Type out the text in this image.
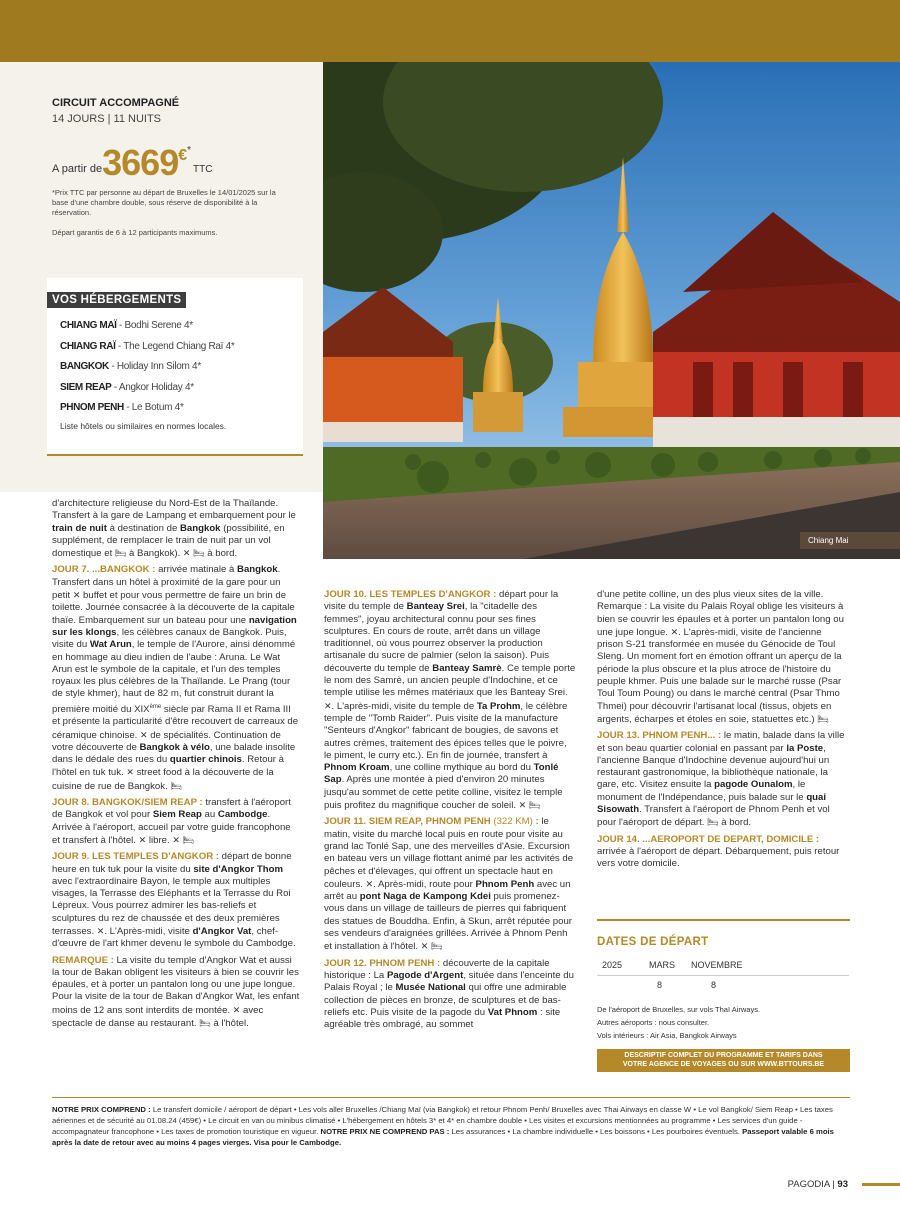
CIRCUIT ACCOMPAGNÉ
14 JOURS | 11 NUITS
A partir de 3669 € *
TTC
*Prix TTC par personne au départ de Bruxelles le 14/01/2025 sur la base d'une chambre double, sous réserve de disponibilité à la réservation.
Départ garantis de 6 à 12 participants maximums.
VOS HÉBERGEMENTS
CHIANG MAÏ - Bodhi Serene 4*
CHIANG RAÏ - The Legend Chiang Raï 4*
BANGKOK - Holiday Inn Silom 4*
SIEM REAP - Angkor Holiday 4*
PHNOM PENH - Le Botum 4*
Liste hôtels ou similaires en normes locales.
Chiang Mai

d'architecture religieuse du Nord-Est de la Thaïlande. Transfert à la gare de Lampang et embarquement pour le train de nuit à destination de Bangkok (possibilité, en supplément, de remplacer le train de nuit par un vol domestique et 🛏 à Bangkok). ✕ 🛏 à bord.

JOUR 7. ...BANGKOK : arrivée matinale à Bangkok. Transfert dans un hôtel à proximité de la gare pour un petit ✕ buffet et pour vous permettre de faire un brin de toilette. Journée consacrée à la découverte de la capitale thaïe. Embarquement sur un bateau pour une navigation sur les klongs, les célèbres canaux de Bangkok. Puis, visite du Wat Arun, le temple de l'Aurore, ainsi dénommé en hommage au dieu indien de l'aube : Aruna. Le Wat Arun est le symbole de la capitale, et l'un des temples royaux les plus célèbres de la Thaïlande. Le Prang (tour de style khmer), haut de 82 m, fut construit durant la première moitié du XIXème siècle par Rama II et Rama III et présente la particularité d'être recouvert de carreaux de céramique chinoise. ✕ de spécialités. Continuation de votre découverte de Bangkok à vélo, une balade insolite dans le dédale des rues du quartier chinois. Retour à l'hôtel en tuk tuk. ✕ street food à la découverte de la cuisine de rue de Bangkok. 🛏

JOUR 8. BANGKOK/SIEM REAP : transfert à l'aéroport de Bangkok et vol pour Siem Reap au Cambodge. Arrivée à l'aéroport, accueil par votre guide francophone et transfert à l'hôtel. ✕ libre. ✕ 🛏

JOUR 9. LES TEMPLES D'ANGKOR : départ de bonne heure en tuk tuk pour la visite du site d'Angkor Thom avec l'extraordinaire Bayon, le temple aux multiples visages, la Terrasse des Eléphants et la Terrasse du Roi Lépreux. Vous pourrez admirer les bas-reliefs et sculptures du rez de chaussée et des deux premières terrasses. ✕. L'Après-midi, visite d'Angkor Vat, chef-d'œuvre de l'art khmer devenu le symbole du Cambodge.

REMARQUE : La visite du temple d'Angkor Wat et aussi la tour de Bakan obligent les visiteurs à bien se couvrir les épaules, et à porter un pantalon long ou une jupe longue. Pour la visite de la tour de Bakan d'Angkor Wat, les enfant moins de 12 ans sont interdits de montée. ✕ avec spectacle de danse au restaurant. 🛏 à l'hôtel.

JOUR 10. LES TEMPLES D'ANGKOR : départ pour la visite du temple de Banteay Srei, la "citadelle des femmes", joyau architectural connu pour ses fines sculptures. En cours de route, arrêt dans un village traditionnel, où vous pourrez observer la production artisanale du sucre de palmier (selon la saison). Puis découverte du temple de Banteay Samrè. Ce temple porte le nom des Samrè, un ancien peuple d'Indochine, et ce temple utilise les mêmes matériaux que les Banteay Srei. ✕. L'après-midi, visite du temple de Ta Prohm, le célèbre temple de "Tomb Raider". Puis visite de la manufacture "Senteurs d'Angkor" fabricant de bougies, de savons et autres crèmes, traitement des épices telles que le poivre, le piment, le curry etc.). En fin de journée, transfert à Phnom Kroam, une colline mythique au bord du Tonlé Sap. Après une montée à pied d'environ 20 minutes jusqu'au sommet de cette petite colline, visitez le temple puis profitez du magnifique coucher de soleil. ✕ 🛏

JOUR 11. SIEM REAP, PHNOM PENH (322 KM) : le matin, visite du marché local puis en route pour visite au grand lac Tonlé Sap, une des merveilles d'Asie. Excursion en bateau vers un village flottant animé par les activités de pêches et d'élevages, qui offrent un spectacle haut en couleurs. ✕. Après-midi, route pour Phnom Penh avec un arrêt au pont Naga de Kampong Kdei puis promenez-vous dans un village de tailleurs de pierres qui fabriquent des statues de Bouddha. Enfin, à Skun, arrêt réputée pour ses vendeurs d'araignées grillées. Arrivée à Phnom Penh et installation à l'hôtel. ✕ 🛏

JOUR 12. PHNOM PENH : découverte de la capitale historique : La Pagode d'Argent, située dans l'enceinte du Palais Royal ; le Musée National qui offre une admirable collection de pièces en bronze, de sculptures et de bas-reliefs etc. Puis visite de la pagode du Vat Phnom : site agréable très ombragé, au sommet

d'une petite colline, un des plus vieux sites de la ville. Remarque : La visite du Palais Royal oblige les visiteurs à bien se couvrir les épaules et à porter un pantalon long ou une jupe longue. ✕. L'après-midi, visite de l'ancienne prison S-21 transformée en musée du Génocide de Toul Sleng. Un moment fort en émotion offrant un aperçu de la période la plus obscure et la plus atroce de l'histoire du peuple khmer. Puis une balade sur le marché russe (Psar Toul Toum Poung) ou dans le marché central (Psar Thmo Thmei) pour découvrir l'artisanat local (tissus, objets en argents, écharpes et étoles en soie, statuettes etc.) 🛏

JOUR 13. PHNOM PENH... : le matin, balade dans la ville et son beau quartier colonial en passant par la Poste, l'ancienne Banque d'Indochine devenue aujourd'hui un restaurant gastronomique, la bibliothèque nationale, la gare, etc. Visitez ensuite la pagode Ounalom, le monument de l'Indépendance, puis balade sur le quai Sisowath. Transfert à l'aéroport de Phnom Penh et vol pour l'aéroport de départ. 🛏 à bord.

JOUR 14. ...AEROPORT DE DEPART, DOMICILE : arrivée à l'aéroport de départ. Débarquement, puis retour vers votre domicile.

DATES DE DÉPART
2025	MARS NOVEMBRE
8	8
De l'aéroport de Bruxelles, sur vols Thaï Airways.
Autres aéroports : nous consulter.
Vols intérieurs : Air Asia, Bangkok Airways
DESCRIPTIF COMPLET DU PROGRAMME ET TARIFS DANS
VOTRE AGENCE DE VOYAGES OU SUR WWW.BTTOURS.BE
NOTRE PRIX COMPREND : Le transfert domicile / aéroport de départ • Les vols aller Bruxelles /Chiang Maï (via Bangkok) et retour Phnom Penh/ Bruxelles avec Thai Airways en classe W • Le vol Bangkok/ Siem Reap • Les taxes aériennes et de sécurité au 01.08.24 (459€) • Le circuit en van ou minibus climatisé • L'hébergement en hôtels 3* et 4* en chambre double • Les visites et excursions mentionnées au programme • Les services d'un guide -accompagnateur francophone • Les taxes de promotion touristique en vigueur. NOTRE PRIX NE COMPREND PAS : Les assurances • La chambre individuelle • Les boissons • Les pourboires éventuels. Passeport valable 6 mois après la date de retour avec au moins 4 pages vierges. Visa pour le Cambodge.
PAGODIA | 93
